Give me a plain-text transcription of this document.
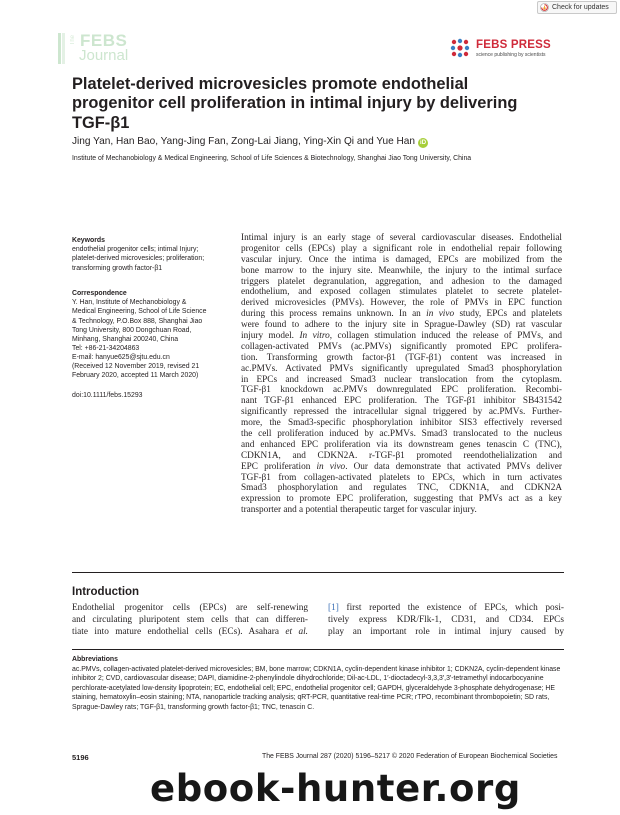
Check for updates
The FEBS
Journal
FEBS PRESS
science publishing by scientists
Platelet-derived microvesicles promote endothelial
progenitor cell proliferation in intimal injury by delivering
TGF-β1
Jing Yan, Han Bao, Yang-Jing Fan, Zong-Lai Jiang, Ying-Xin Qi and Yue Han iD
Institute of Mechanobiology & Medical Engineering, School of Life Sciences & Biotechnology, Shanghai Jiao Tong University, China

Keywords

endothelial progenitor cells; intimal Injury;

platelet-derived microvesicles; proliferation;

transforming growth factor-β1

Correspondence

Y. Han, Institute of Mechanobiology &

Medical Engineering, School of Life Science

& Technology, P.O.Box 888, Shanghai Jiao

Tong University, 800 Dongchuan Road,

Minhang, Shanghai 200240, China

Tel: +86-21-34204863

E-mail: hanyue625@sjtu.edu.cn

(Received 12 November 2019, revised 21

February 2020, accepted 11 March 2020)

doi:10.1111/febs.15293
Intimal injury is an early stage of several cardiovascular diseases. Endothelial
progenitor cells (EPCs) play a significant role in endothelial repair following
vascular injury. Once the intima is damaged, EPCs are mobilized from the
bone marrow to the injury site. Meanwhile, the injury to the intimal surface
triggers platelet degranulation, aggregation, and adhesion to the damaged
endothelium, and exposed collagen stimulates platelet to secrete platelet-
derived microvesicles (PMVs). However, the role of PMVs in EPC function
during this process remains unknown. In an in vivo study, EPCs and platelets
were found to adhere to the injury site in Sprague-Dawley (SD) rat vascular
injury model. In vitro, collagen stimulation induced the release of PMVs, and
collagen-activated PMVs (ac.PMVs) significantly promoted EPC prolifera-
tion. Transforming growth factor-β1 (TGF-β1) content was increased in
ac.PMVs. Activated PMVs significantly upregulated Smad3 phosphorylation
in EPCs and increased Smad3 nuclear translocation from the cytoplasm.
TGF-β1 knockdown ac.PMVs downregulated EPC proliferation. Recombi-
nant TGF-β1 enhanced EPC proliferation. The TGF-β1 inhibitor SB431542
significantly repressed the intracellular signal triggered by ac.PMVs. Further-
more, the Smad3-specific phosphorylation inhibitor SIS3 effectively reversed
the cell proliferation induced by ac.PMVs. Smad3 translocated to the nucleus
and enhanced EPC proliferation via its downstream genes tenascin C (TNC),
CDKN1A, and CDKN2A. r-TGF-β1 promoted reendothelialization and
EPC proliferation in vivo. Our data demonstrate that activated PMVs deliver
TGF-β1 from collagen-activated platelets to EPCs, which in turn activates
Smad3 phosphorylation and regulates TNC, CDKN1A, and CDKN2A
expression to promote EPC proliferation, suggesting that PMVs act as a key
transporter and a potential therapeutic target for vascular injury.
Introduction
Endothelial progenitor cells (EPCs) are self-renewing
and circulating pluripotent stem cells that can differen-
tiate into mature endothelial cells (ECs). Asahara et al.
[1] first reported the existence of EPCs, which posi-
tively express KDR/Flk-1, CD31, and CD34. EPCs
play an important role in intimal injury caused by
Abbreviations

ac.PMVs, collagen-activated platelet-derived microvesicles; BM, bone marrow; CDKN1A, cyclin-dependent kinase inhibitor 1; CDKN2A, cyclin-dependent kinase inhibitor 2; CVD, cardiovascular disease; DAPI, diamidine-2-phenylindole dihydrochloride; Dil-ac-LDL, 1′-dioctadecyl-3,3,3′,3′-tetramethyl indocarbocyanine perchlorate-acetylated low-density lipoprotein; EC, endothelial cell; EPC, endothelial progenitor cell; GAPDH, glyceraldehyde 3-phosphate dehydrogenase; HE staining, hematoxylin–eosin staining; NTA, nanoparticle tracking analysis; qRT-PCR, quantitative real-time PCR; rTPO, recombinant thrombopoietin; SD rats, Sprague-Dawley rats; TGF-β1, transforming growth factor-β1; TNC, tenascin C.

5196	The FEBS Journal 287 (2020) 5196–5217 © 2020 Federation of European Biochemical Societies
ebook-hunter.org
